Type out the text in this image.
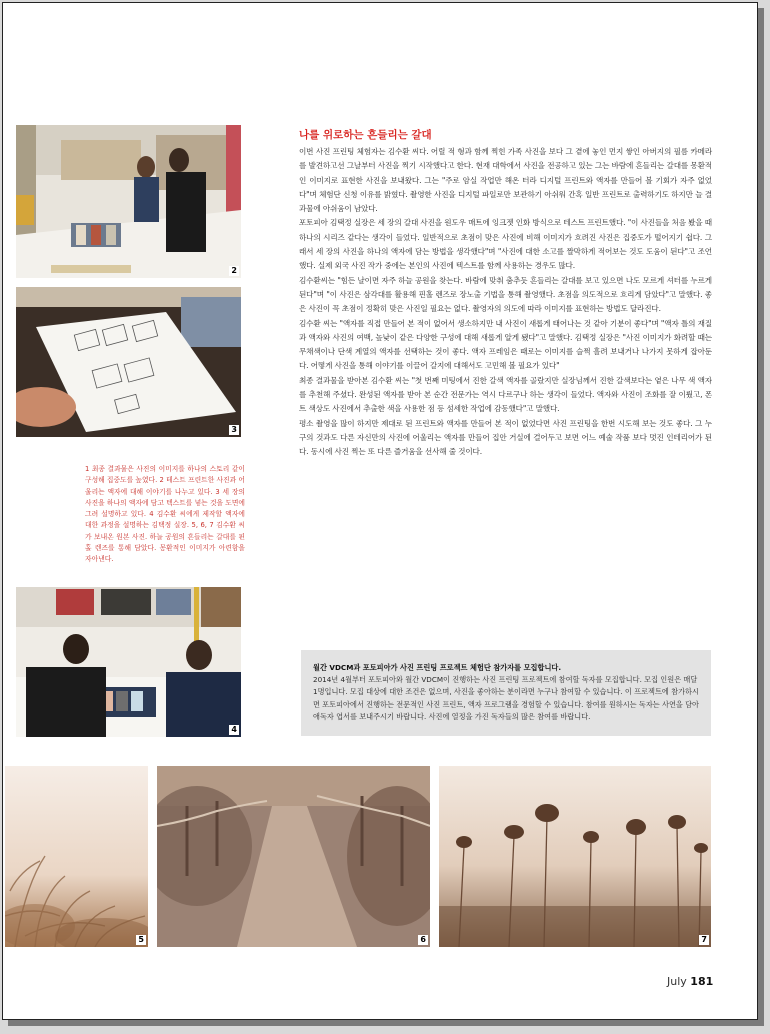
2
3
1 최종 결과물은 사진의 이미지를 하나의 스토리 같이 구성해 집중도를 높였다. 2 테스트 프린트한 사진과 어울리는 액자에 대해 이야기를 나누고 있다. 3 세 장의 사진을 하나의 액자에 담고 텍스트를 넣는 것을 도면에 그려 설명하고 있다. 4 김수환 씨에게 제작할 액자에 대한 과정을 설명하는 김택정 실장. 5, 6, 7 김수환 씨가 보내온 원본 사진. 하늘 공원의 흔들리는 갈대를 핀홀 렌즈를 통해 담았다. 몽환적인 이미지가 아련함을 자아낸다.
4
나를 위로하는 흔들리는 갈대

이번 사진 프린팅 체험자는 김수환 씨다. 어릴 적 형과 함께 찍힌 가족 사진을 보다 그 곁에 놓인 먼지 쌓인 아버지의 필름 카메라를 발견하고선 그날부터 사진을 찍기 시작했다고 한다. 현재 대학에서 사진을 전공하고 있는 그는 바람에 흔들리는 갈대를 몽환적인 이미지로 표현한 사진을 보내왔다. 그는 "주로 암실 작업만 해온 터라 디지털 프린트와 액자를 만들어 볼 기회가 자주 없었다"며 체험단 신청 이유를 밝혔다. 촬영한 사진을 디지털 파일로만 보관하기 아쉬워 간혹 일반 프린트로 출력하기도 하지만 늘 결과물에 아쉬움이 남았다.

포토피아 김택정 실장은 세 장의 갈대 사진을 원도우 매트에 잉크젯 인화 방식으로 테스트 프린트했다. "이 사진들을 처음 봤을 때 하나의 시리즈 같다는 생각이 들었다. 일반적으로 초점이 맞은 사진에 비해 이미지가 흐려진 사진은 집중도가 떨어지기 쉽다. 그래서 세 장의 사진을 하나의 액자에 담는 방법을 생각했다"며 "사진에 대한 소고를 짤막하게 적어보는 것도 도움이 된다"고 조언했다. 실제 외국 사진 작가 중에는 본인의 사진에 텍스트를 함께 사용하는 경우도 많다.

김수환씨는 "힘든 날이면 자주 하늘 공원을 찾는다. 바람에 맞춰 춤추듯 흔들리는 갈대를 보고 있으면 나도 모르게 셔터를 누르게 된다"며 "이 사진은 삼각대를 활용해 핀홀 렌즈로 장노출 기법을 통해 촬영했다. 초점을 의도적으로 흐리게 담았다"고 말했다. 좋은 사진이 꼭 초점이 정확히 맞은 사진일 필요는 없다. 촬영자의 의도에 따라 이미지를 표현하는 방법도 달라진다.

김수환 씨는 "액자를 직접 만들어 본 적이 없어서 생소하지만 내 사진이 새롭게 태어나는 것 같아 기분이 좋다"며 "액자 틀의 재질과 액자와 사진의 여백, 높낮이 같은 다양한 구성에 대해 새롭게 알게 됐다"고 말했다. 김택정 실장은 "사진 이미지가 화려할 때는 무채색이나 단색 계열의 액자를 선택하는 것이 좋다. 액자 프레임은 때로는 이미지를 슬쩍 흘려 보내거나 나가지 못하게 잡아둔다. 어떻게 사진을 통해 이야기를 이끌어 갈지에 대해서도 고민해 볼 필요가 있다"

최종 결과물을 받아본 김수환 씨는 "첫 번째 미팅에서 진한 갈색 액자를 골랐지만 실장님께서 진한 갈색보다는 옅은 나무 색 액자를 추천해 주셨다. 완성된 액자를 받아 본 순간 전문가는 역시 다르구나 하는 생각이 들었다. 액자와 사진이 조화를 잘 이뤘고, 폰트 색상도 사진에서 추출한 색을 사용한 점 등 섬세한 작업에 감동했다"고 말했다.

평소 촬영을 많이 하지만 제대로 된 프린트와 액자를 만들어 본 적이 없었다면 사진 프린팅을 한번 시도해 보는 것도 좋다. 그 누구의 것과도 다른 자신만의 사진에 어울리는 액자를 만들어 집안 거실에 걸어두고 보면 어느 예술 작품 보다 멋진 인테리어가 된다. 동시에 사진 찍는 또 다른 즐거움을 선사해 줄 것이다.

월간 VDCM과 포토피아가 사진 프린팅 프로젝트 체험단 참가자를 모집합니다.
2014년 4월부터 포토피아와 월간 VDCM이 진행하는 사진 프린팅 프로젝트에 참여할 독자를 모집합니다. 모집 인원은 매달 1명입니다. 모집 대상에 대한 조건은 없으며, 사진을 좋아하는 분이라면 누구나 참여할 수 있습니다. 이 프로젝트에 참가하시면 포토피아에서 진행하는 전문적인 사진 프린트, 액자 프로그램을 경험할 수 있습니다. 참여를 원하시는 독자는 사연을 담아 애독자 엽서를 보내주시기 바랍니다. 사진에 열정을 가진 독자들의 많은 참여를 바랍니다.
5	6	7
July 181
